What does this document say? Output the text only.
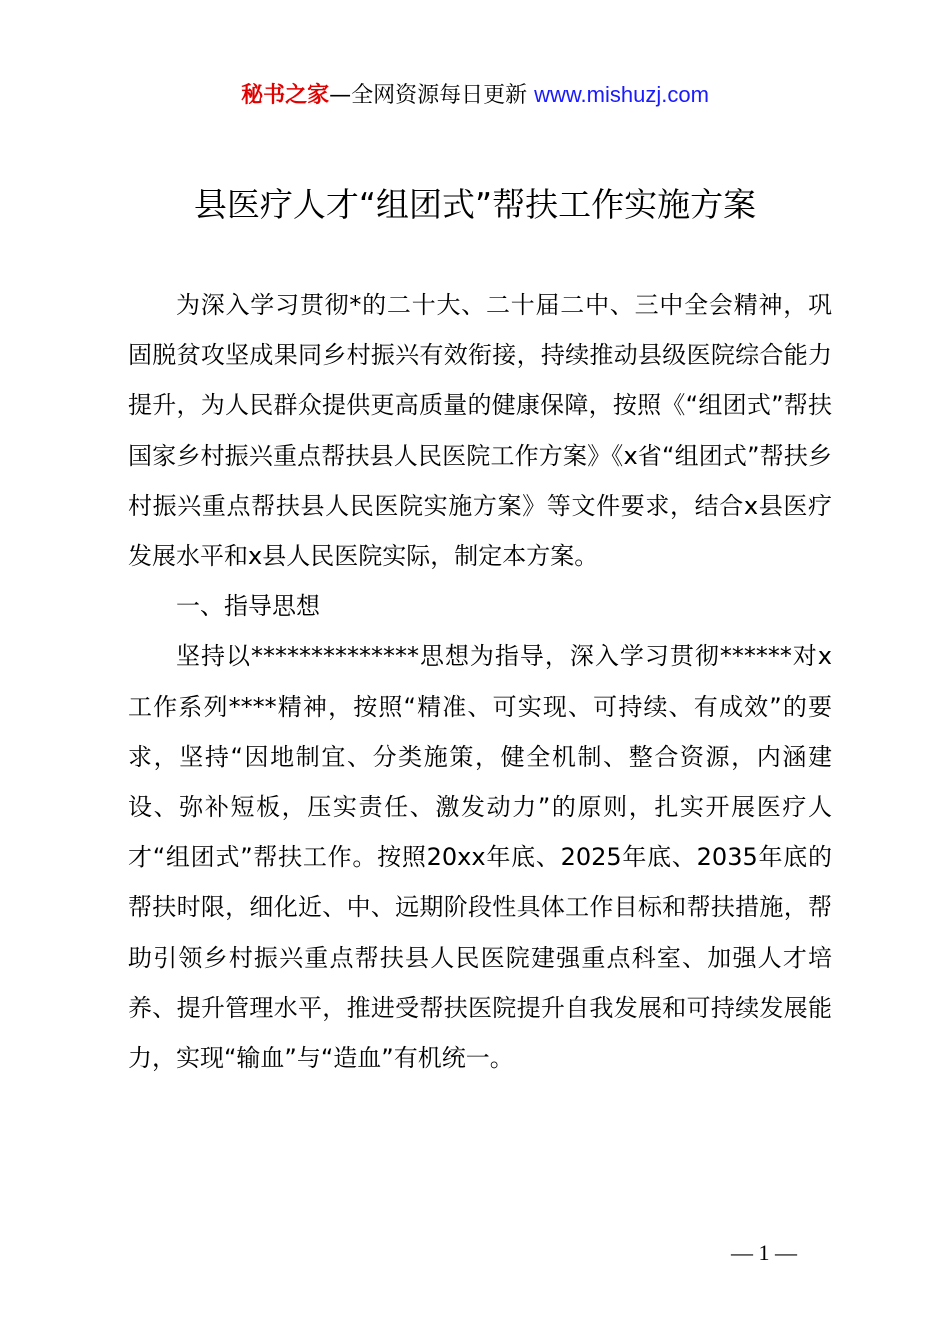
秘书之家—全网资源每日更新 www.mishuzj.com
县医疗人才“组团式”帮扶工作实施方案

为深入学习贯彻*的二十大、二十届二中、三中全会精神，巩固脱贫攻坚成果同乡村振兴有效衔接，持续推动县级医院综合能力提升，为人民群众提供更高质量的健康保障，按照《“组团式”帮扶国家乡村振兴重点帮扶县人民医院工作方案》《x省“组团式”帮扶乡村振兴重点帮扶县人民医院实施方案》等文件要求，结合x县医疗发展水平和x县人民医院实际，制定本方案。

一、指导思想

坚持以**************思想为指导，深入学习贯彻******对x工作系列****精神，按照“精准、可实现、可持续、有成效”的要求，坚持“因地制宜、分类施策，健全机制、整合资源，内涵建设、弥补短板，压实责任、激发动力”的原则，扎实开展医疗人才“组团式”帮扶工作。按照20xx年底、2025年底、2035年底的帮扶时限，细化近、中、远期阶段性具体工作目标和帮扶措施，帮助引领乡村振兴重点帮扶县人民医院建强重点科室、加强人才培养、提升管理水平，推进受帮扶医院提升自我发展和可持续发展能力，实现“输血”与“造血”有机统一。

— 1 —
